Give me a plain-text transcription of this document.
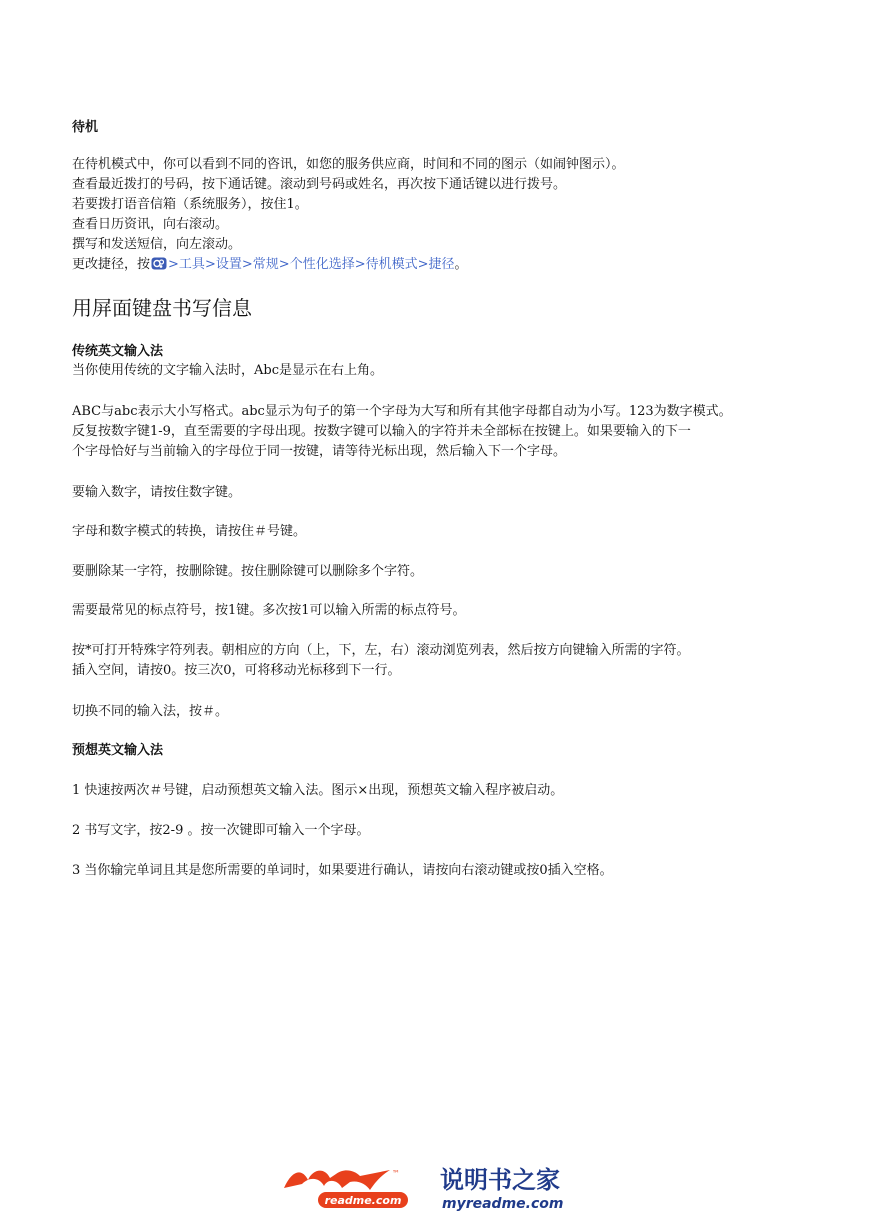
待机

在待机模式中，你可以看到不同的咨讯，如您的服务供应商，时间和不同的图示（如闹钟图示）。

查看最近拨打的号码，按下通话键。滚动到号码或姓名，再次按下通话键以进行拨号。

若要拨打语音信箱（系统服务），按住1。

查看日历资讯，向右滚动。

撰写和发送短信，向左滚动。

更改捷径，按 >工具>设置>常规>个性化选择>待机模式>捷径。

用屏面键盘书写信息

传统英文输入法

当你使用传统的文字输入法时，Abc是显示在右上角。

ABC与abc表示大小写格式。abc显示为句子的第一个字母为大写和所有其他字母都自动为小写。123为数字模式。

反复按数字键1-9，直至需要的字母出现。按数字键可以输入的字符并未全部标在按键上。如果要输入的下一

个字母恰好与当前输入的字母位于同一按键，请等待光标出现，然后输入下一个字母。

要输入数字，请按住数字键。

字母和数字模式的转换，请按住＃号键。

要删除某一字符，按删除键。按住删除键可以删除多个字符。

需要最常见的标点符号，按1键。多次按1可以输入所需的标点符号。

按*可打开特殊字符列表。朝相应的方向（上，下，左，右）滚动浏览列表，然后按方向键输入所需的字符。

插入空间，请按0。按三次0，可将移动光标移到下一行。

切换不同的输入法，按＃。

预想英文输入法

1 快速按两次＃号键，启动预想英文输入法。图示×出现，预想英文输入程序被启动。

2 书写文字，按2-9 。按一次键即可输入一个字母。

3 当你输完单词且其是您所需要的单词时，如果要进行确认，请按向右滚动键或按0插入空格。

™
MY
readme.com
说明书之家
myreadme.com
